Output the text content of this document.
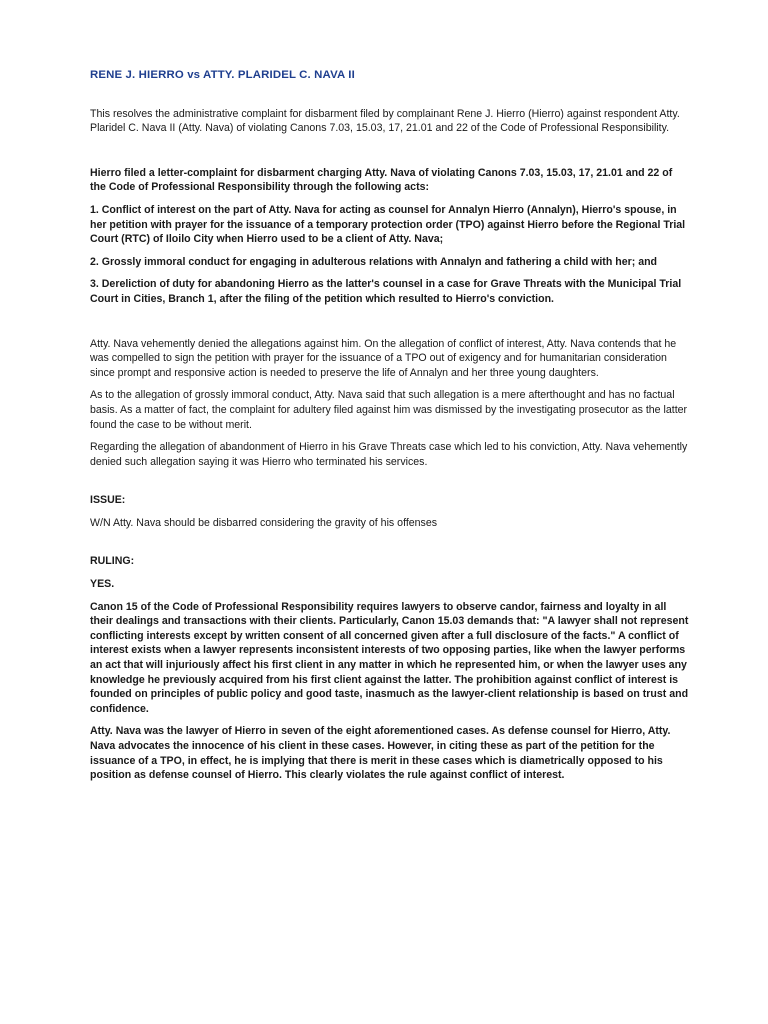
RENE J. HIERRO vs ATTY. PLARIDEL C. NAVA II

This resolves the administrative complaint for disbarment filed by complainant Rene J. Hierro (Hierro) against respondent Atty. Plaridel C. Nava II (Atty. Nava) of violating Canons 7.03, 15.03, 17, 21.01 and 22 of the Code of Professional Responsibility.

Hierro filed a letter-complaint for disbarment charging Atty. Nava of violating Canons 7.03, 15.03, 17, 21.01 and 22 of the Code of Professional Responsibility through the following acts:

1. Conflict of interest on the part of Atty. Nava for acting as counsel for Annalyn Hierro (Annalyn), Hierro's spouse, in her petition with prayer for the issuance of a temporary protection order (TPO) against Hierro before the Regional Trial Court (RTC) of Iloilo City when Hierro used to be a client of Atty. Nava;

2. Grossly immoral conduct for engaging in adulterous relations with Annalyn and fathering a child with her; and

3. Dereliction of duty for abandoning Hierro as the latter's counsel in a case for Grave Threats with the Municipal Trial Court in Cities, Branch 1, after the filing of the petition which resulted to Hierro's conviction.

Atty. Nava vehemently denied the allegations against him. On the allegation of conflict of interest, Atty. Nava contends that he was compelled to sign the petition with prayer for the issuance of a TPO out of exigency and for humanitarian consideration since prompt and responsive action is needed to preserve the life of Annalyn and her three young daughters.

As to the allegation of grossly immoral conduct, Atty. Nava said that such allegation is a mere afterthought and has no factual basis. As a matter of fact, the complaint for adultery filed against him was dismissed by the investigating prosecutor as the latter found the case to be without merit.

Regarding the allegation of abandonment of Hierro in his Grave Threats case which led to his conviction, Atty. Nava vehemently denied such allegation saying it was Hierro who terminated his services.

ISSUE:

W/N Atty. Nava should be disbarred considering the gravity of his offenses

RULING:

YES.

Canon 15 of the Code of Professional Responsibility requires lawyers to observe candor, fairness and loyalty in all their dealings and transactions with their clients. Particularly, Canon 15.03 demands that: "A lawyer shall not represent conflicting interests except by written consent of all concerned given after a full disclosure of the facts." A conflict of interest exists when a lawyer represents inconsistent interests of two opposing parties, like when the lawyer performs an act that will injuriously affect his first client in any matter in which he represented him, or when the lawyer uses any knowledge he previously acquired from his first client against the latter. The prohibition against conflict of interest is founded on principles of public policy and good taste, inasmuch as the lawyer-client relationship is based on trust and confidence.

Atty. Nava was the lawyer of Hierro in seven of the eight aforementioned cases. As defense counsel for Hierro, Atty. Nava advocates the innocence of his client in these cases. However, in citing these as part of the petition for the issuance of a TPO, in effect, he is implying that there is merit in these cases which is diametrically opposed to his position as defense counsel of Hierro. This clearly violates the rule against conflict of interest.
